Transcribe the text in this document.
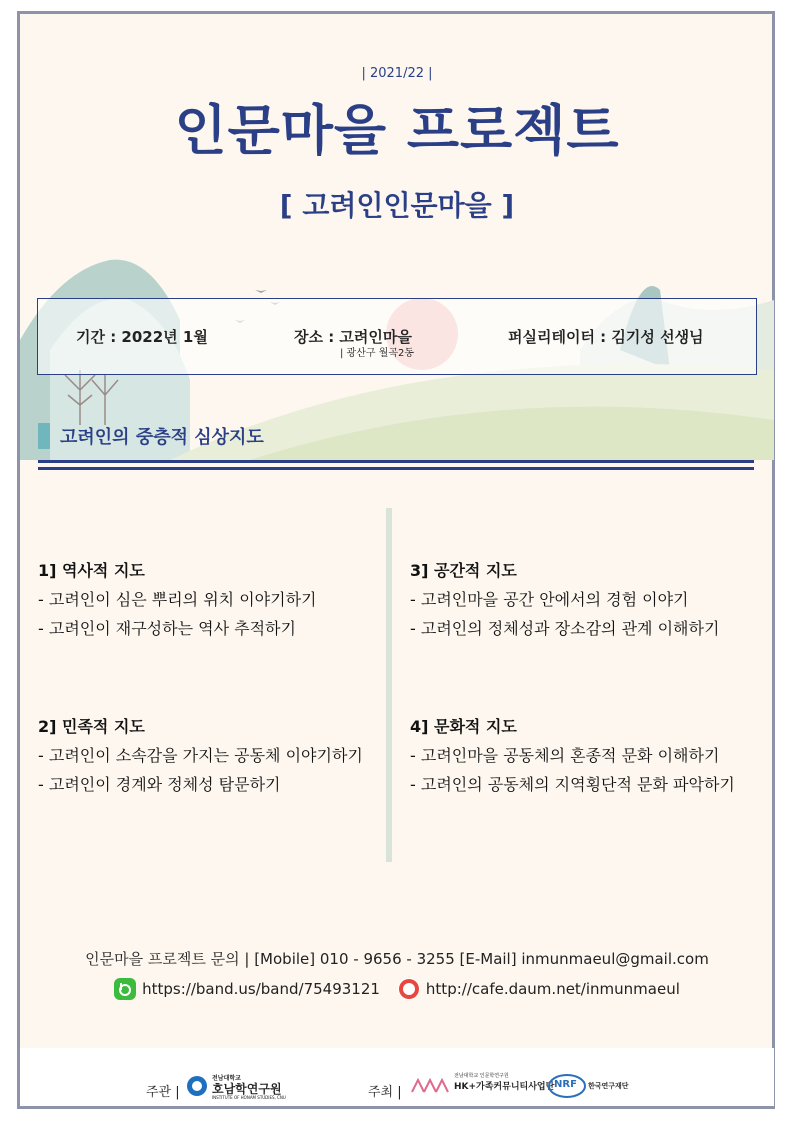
| 2021/22 |
인문마을 프로젝트
[ 고려인인문마을 ]
기간 : 2022년 1월	장소 : 고려인마을	퍼실리테이터 : 김기성 선생님
| 광산구 월곡2동
고려인의 중층적 심상지도
1] 역사적 지도
- 고려인이 심은 뿌리의 위치 이야기하기
- 고려인이 재구성하는 역사 추적하기
3] 공간적 지도
- 고려인마을 공간 안에서의 경험 이야기
- 고려인의 정체성과 장소감의 관계 이해하기
2] 민족적 지도
- 고려인이 소속감을 가지는 공동체 이야기하기
- 고려인이 경계와 정체성 탐문하기
4] 문화적 지도
- 고려인마을 공동체의 혼종적 문화 이해하기
- 고려인의 공동체의 지역횡단적 문화 파악하기
인문마을 프로젝트 문의 | [Mobile] 010 - 9656 - 3255 [E-Mail] inmunmaeul@gmail.com
https://band.us/band/75493121	http://cafe.daum.net/inmunmaeul
주관 |
전남대학교
호남학연구원
INSTITUTE OF HONAM STUDIES, CNU	주최 |
전남대학교 인문학연구원
HK+가족커뮤니티사업단 NRF 한국연구재단
